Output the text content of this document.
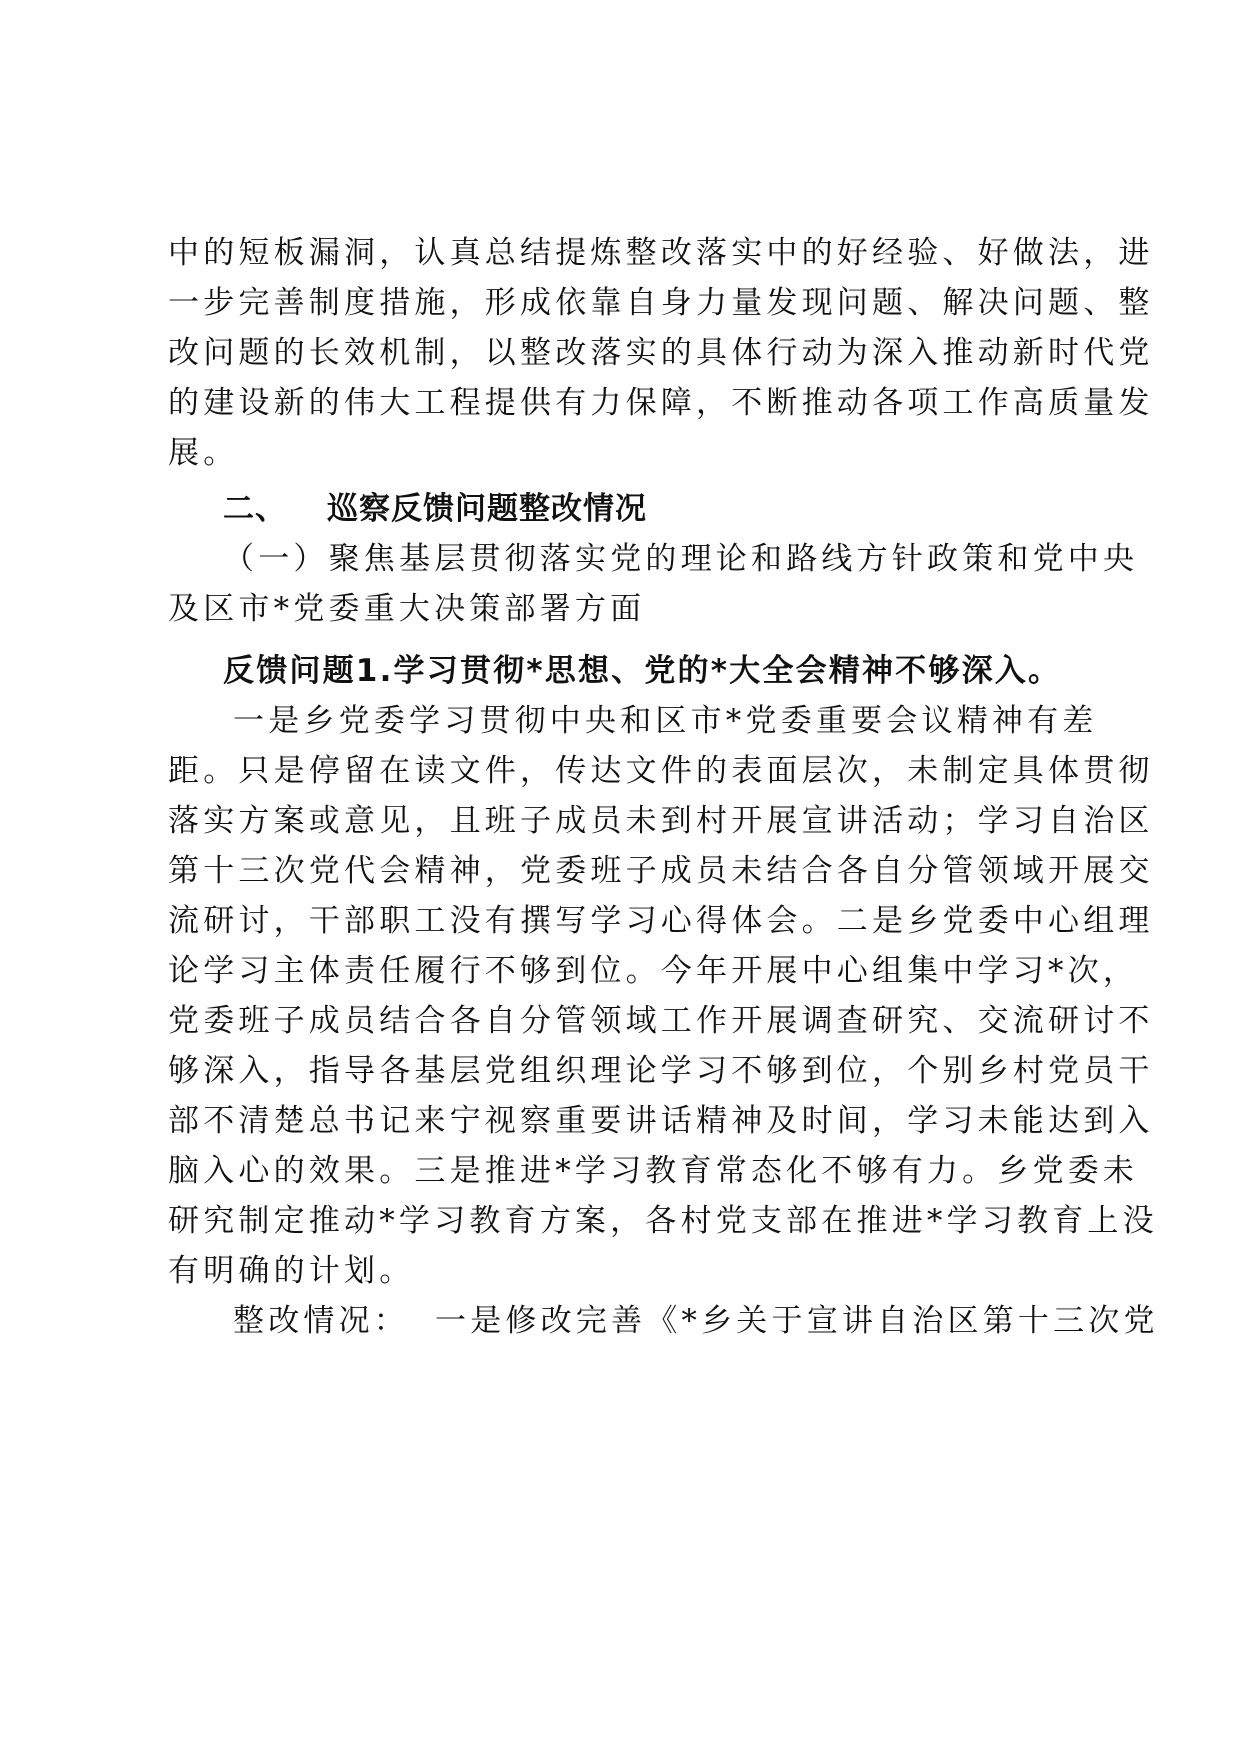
中的短板漏洞，认真总结提炼整改落实中的好经验、好做法，进
一步完善制度措施，形成依靠自身力量发现问题、解决问题、整
改问题的长效机制，以整改落实的具体行动为深入推动新时代党
的建设新的伟大工程提供有力保障，不断推动各项工作高质量发
展。
二、 巡察反馈问题整改情况
（一）聚焦基层贯彻落实党的理论和路线方针政策和党中央
及区市*党委重大决策部署方面
反馈问题1.学习贯彻*思想、党的*大全会精神不够深入。
一是乡党委学习贯彻中央和区市*党委重要会议精神有差
距。只是停留在读文件，传达文件的表面层次，未制定具体贯彻
落实方案或意见，且班子成员未到村开展宣讲活动；学习自治区
第十三次党代会精神，党委班子成员未结合各自分管领域开展交
流研讨，干部职工没有撰写学习心得体会。二是乡党委中心组理
论学习主体责任履行不够到位。今年开展中心组集中学习*次，
党委班子成员结合各自分管领域工作开展调查研究、交流研讨不
够深入，指导各基层党组织理论学习不够到位，个别乡村党员干
部不清楚总书记来宁视察重要讲话精神及时间，学习未能达到入
脑入心的效果。三是推进*学习教育常态化不够有力。乡党委未
研究制定推动*学习教育方案，各村党支部在推进*学习教育上没
有明确的计划。
整改情况： 一是修改完善《*乡关于宣讲自治区第十三次党
